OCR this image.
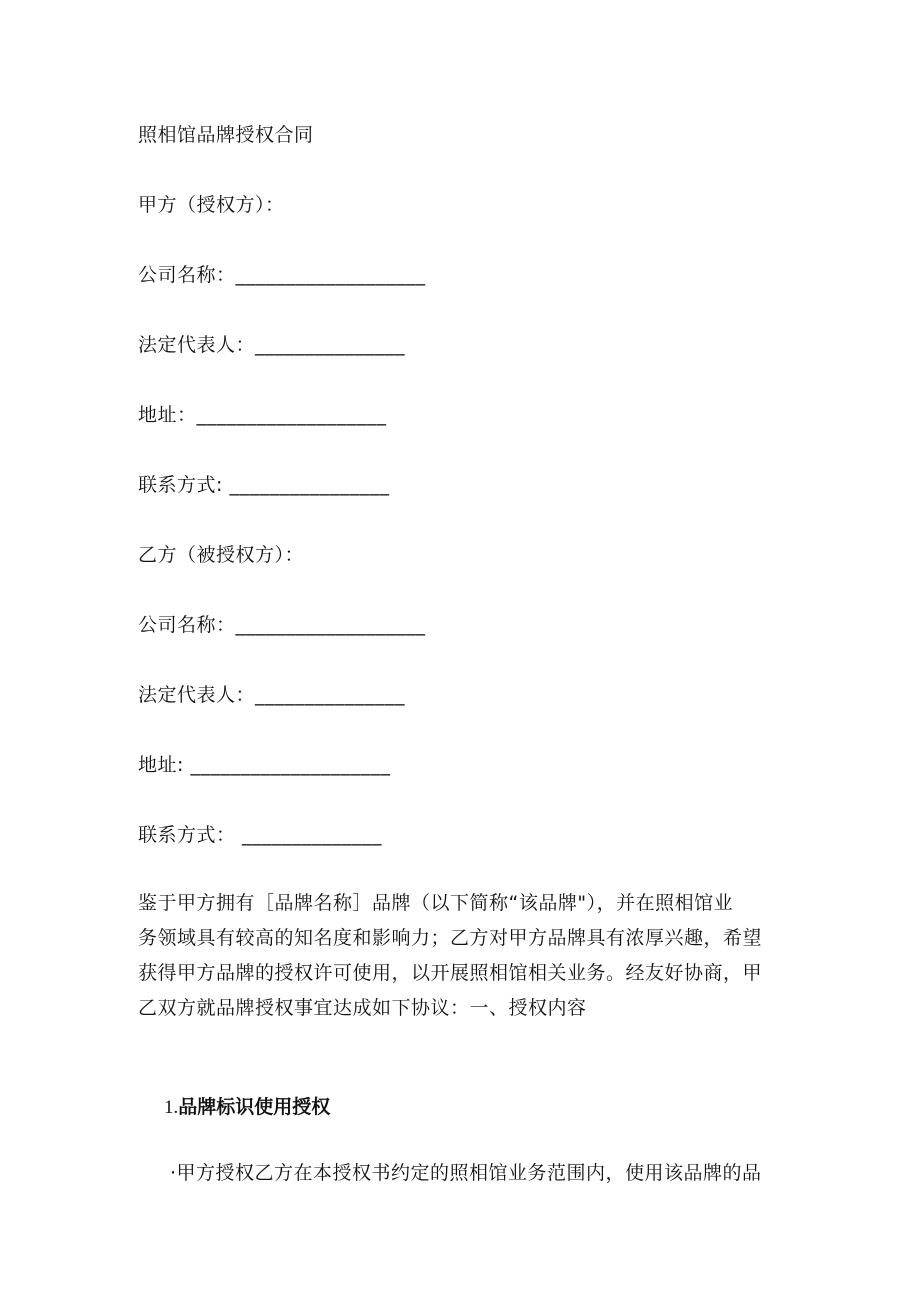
照相馆品牌授权合同
甲方（授权方）：
公司名称：___________________
法定代表人：_______________
地址：___________________
联系方式: ________________
乙方（被授权方）：
公司名称：___________________
法定代表人：_______________
地址: ____________________
联系方式： ______________
鉴于甲方拥有［品牌名称］品牌（以下简称“该品牌"），并在照相馆业
务领域具有较高的知名度和影响力；乙方对甲方品牌具有浓厚兴趣，希望
获得甲方品牌的授权许可使用，以开展照相馆相关业务。经友好协商，甲
乙双方就品牌授权事宜达成如下协议：一、授权内容
1.品牌标识使用授权
·甲方授权乙方在本授权书约定的照相馆业务范围内，使用该品牌的品
